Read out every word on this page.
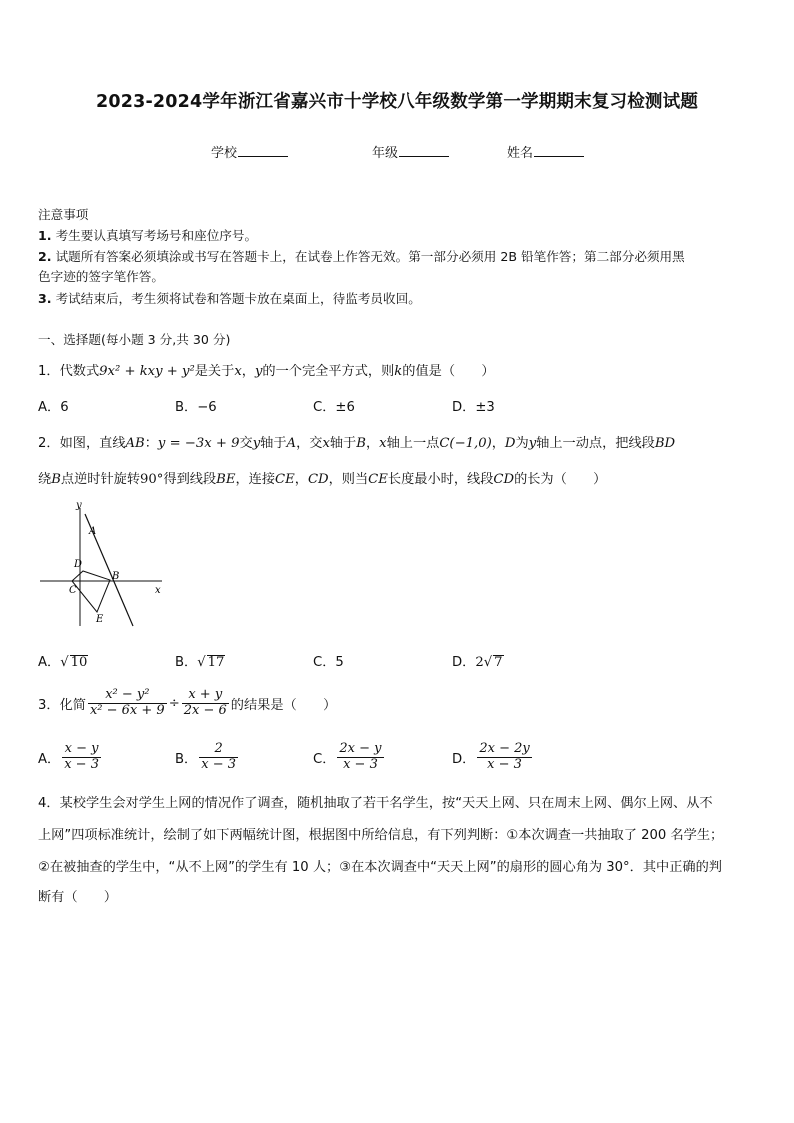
2023-2024学年浙江省嘉兴市十学校八年级数学第一学期期末复习检测试题
学校	年级	姓名
注意事项
1. 考生要认真填写考场号和座位序号。
2. 试题所有答案必须填涂或书写在答题卡上，在试卷上作答无效。第一部分必须用 2B 铅笔作答；第二部分必须用黑
色字迹的签字笔作答。
3. 考试结束后，考生须将试卷和答题卡放在桌面上，待监考员收回。
一、选择题(每小题 3 分,共 30 分)
1．代数式9x² + kxy + y²是关于x，y的一个完全平方式，则k的值是（　　）
A．6	B．−6	C．±6	D．±3
2．如图，直线AB：y = −3x + 9交y轴于A，交x轴于B，x轴上一点C(−1,0)，D为y轴上一动点，把线段BD
绕B点逆时针旋转90°得到线段BE，连接CE，CD，则当CE长度最小时，线段CD的长为（　　）
y
A
D
B
C
E
x
A．√ 10	B．√ 17	C．5	D．2√ 7
3．化简 $\frac{\text{x² − y²}}{\text{x² − 6x + 9}} \div \frac{x + y}{2x - 6}$ 的结果是（　　）
A． $\frac{x - y}{x - 3}$	B． $\frac{2}{x - 3}$	C． $\frac{2x - y}{x - 3}$	D． $\frac{2x - 2y}{x - 3}$
4．某校学生会对学生上网的情况作了调查，随机抽取了若干名学生，按“天天上网、只在周末上网、偶尔上网、从不
上网”四项标准统计，绘制了如下两幅统计图，根据图中所给信息，有下列判断：①本次调查一共抽取了 200 名学生；
②在被抽查的学生中，“从不上网”的学生有 10 人；③在本次调查中“天天上网”的扇形的圆心角为 30°．其中正确的判
断有（　　）
